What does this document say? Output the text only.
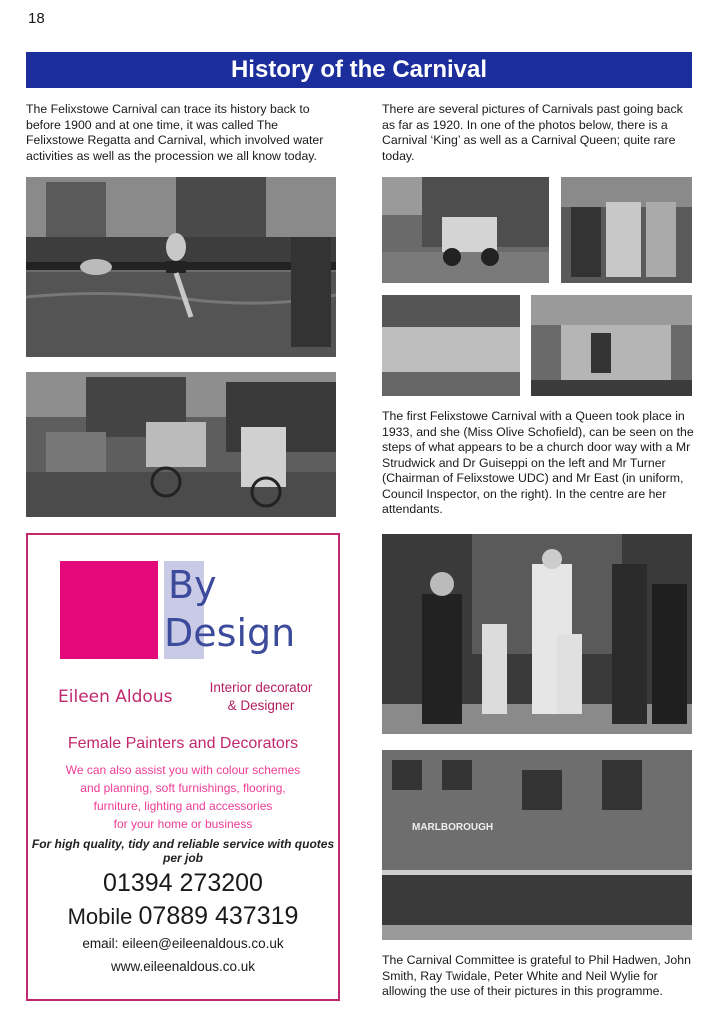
18
History of the Carnival
The Felixstowe Carnival can trace its history back to before 1900 and at one time, it was called The Felixstowe Regatta and Carnival, which involved water activities as well as the procession we all know today.
There are several pictures of Carnivals past going back as far as 1920. In one of the photos below, there is a Carnival ‘King’ as well as a Carnival Queen; quite rare today.
The first Felixstowe Carnival with a Queen took place in 1933, and she (Miss Olive Schofield), can be seen on the steps of what appears to be a church door way with a Mr Strudwick and Dr Guiseppi on the left and Mr Turner (Chairman of Felixstowe UDC) and Mr East (in uniform, Council Inspector, on the right). In the centre are her attendants.
The Carnival Committee is grateful to Phil Hadwen, John Smith, Ray Twidale, Peter White and Neil Wylie for allowing the use of their pictures in this programme.
MARLBOROUGH
By
Design
Eileen Aldous	Interior decorator
& Designer
Female Painters and Decorators
We can also assist you with colour schemes
and planning, soft furnishings, flooring,
furniture, lighting and accessories
for your home or business
For high quality, tidy and reliable service with quotes per job
01394 273200
Mobile 07889 437319
email: eileen@eileenaldous.co.uk
www.eileenaldous.co.uk
